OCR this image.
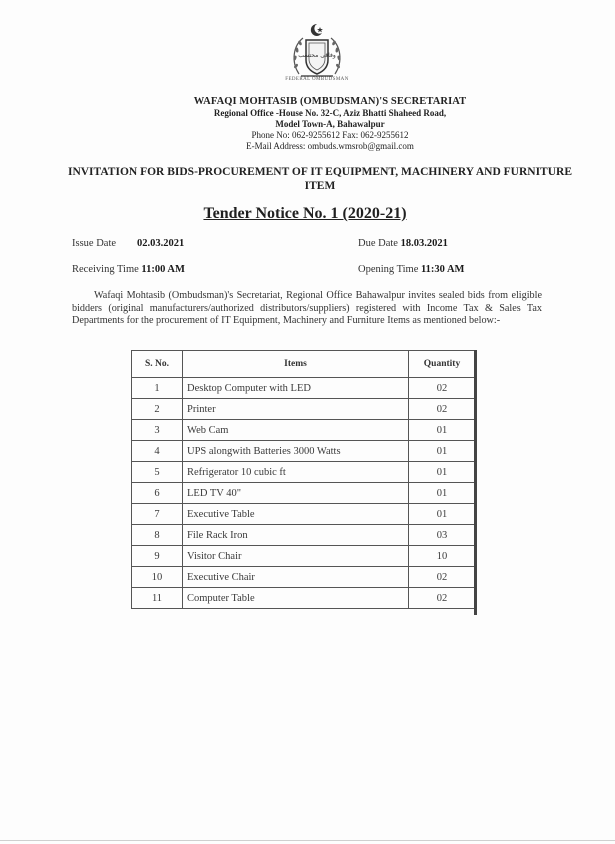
وفاقی محتسب
FEDERAL OMBUDSMAN
WAFAQI MOHTASIB (OMBUDSMAN)'S SECRETARIAT
Regional Office -House No. 32-C, Aziz Bhatti Shaheed Road,
Model Town-A, Bahawalpur
Phone No: 062-9255612 Fax: 062-9255612
E-Mail Address: ombuds.wmsrob@gmail.com
INVITATION FOR BIDS-PROCUREMENT OF IT EQUIPMENT, MACHINERY AND FURNITURE ITEM
Tender Notice No. 1 (2020-21)
Issue Date 02.03.2021	Due Date 18.03.2021
Receiving Time 11:00 AM	Opening Time 11:30 AM
Wafaqi Mohtasib (Ombudsman)'s Secretariat, Regional Office Bahawalpur invites sealed bids from eligible bidders (original manufacturers/authorized distributors/suppliers) registered with Income Tax & Sales Tax Departments for the procurement of IT Equipment, Machinery and Furniture Items as mentioned below:-
S. No.	Items	Quantity
1	Desktop Computer with LED	02
2	Printer	02
3	Web Cam	01
4	UPS alongwith Batteries 3000 Watts	01
5	Refrigerator 10 cubic ft	01
6	LED TV 40"	01
7	Executive Table	01
8	File Rack Iron	03
9	Visitor Chair	10
10	Executive Chair	02
11	Computer Table	02
